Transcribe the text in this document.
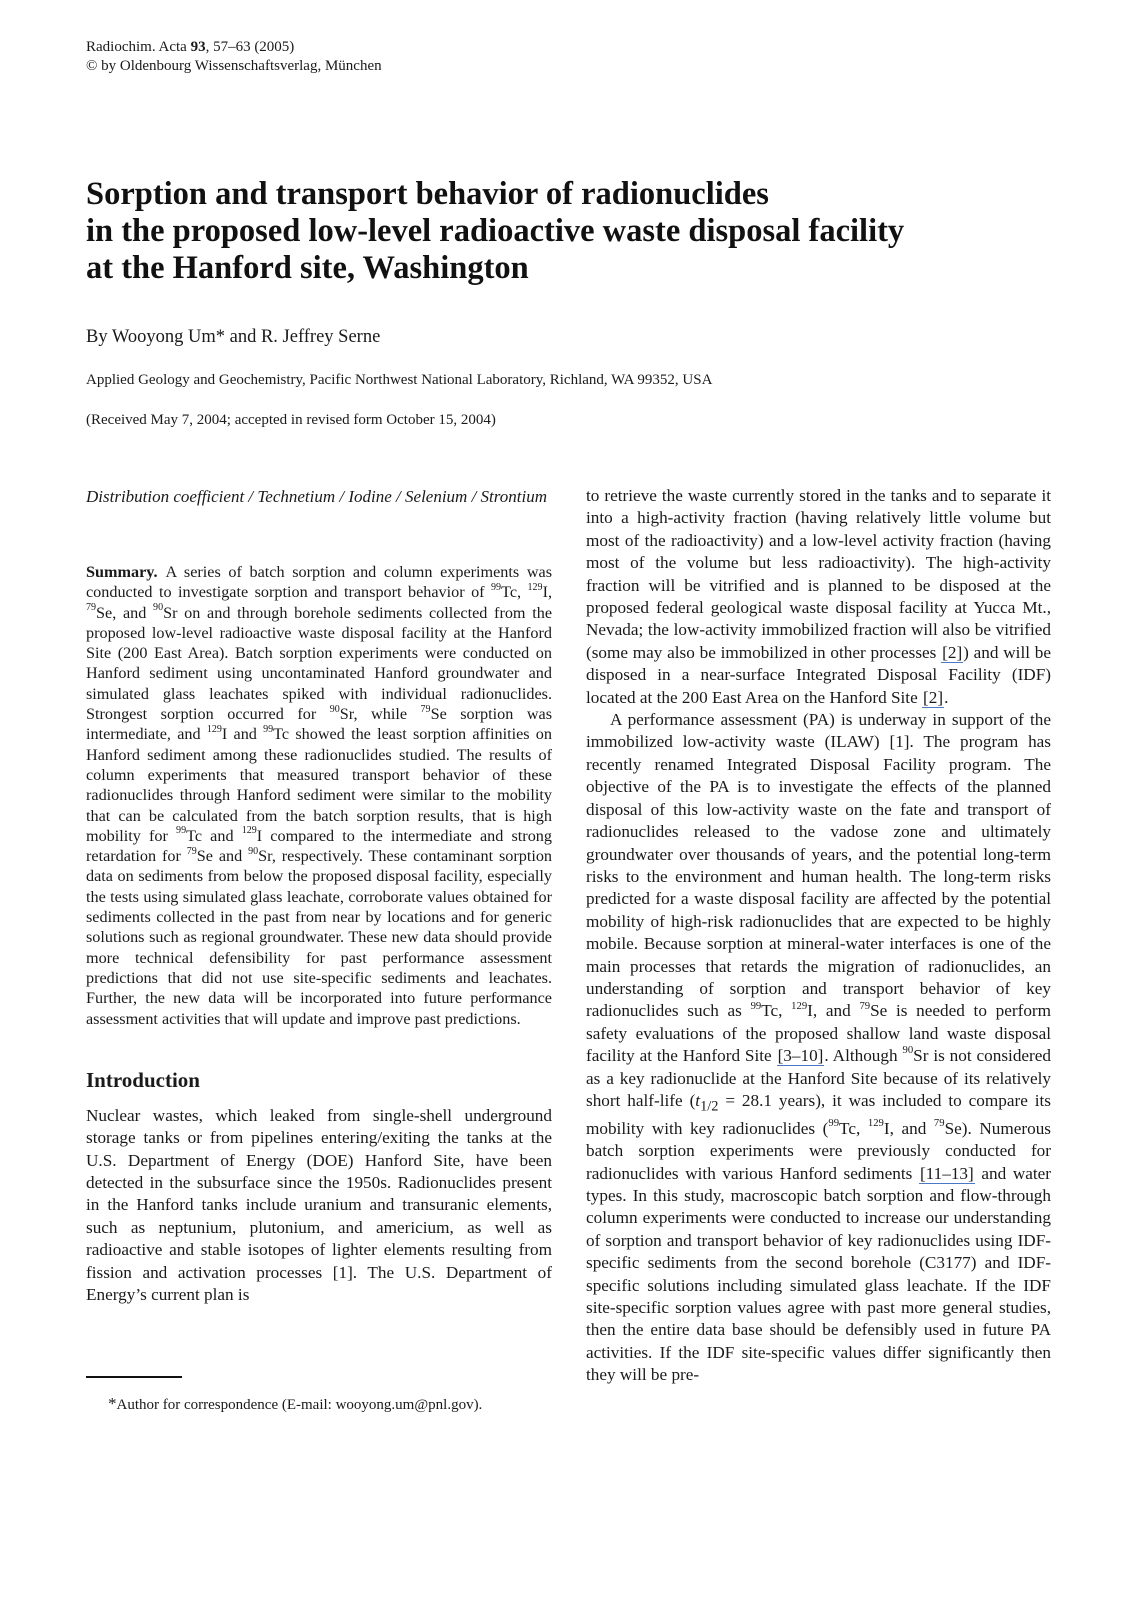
Radiochim. Acta 93, 57–63 (2005)
© by Oldenbourg Wissenschaftsverlag, München
Sorption and transport behavior of radionuclides
in the proposed low-level radioactive waste disposal facility
at the Hanford site, Washington
By Wooyong Um* and R. Jeffrey Serne
Applied Geology and Geochemistry, Pacific Northwest National Laboratory, Richland, WA 99352, USA
(Received May 7, 2004; accepted in revised form October 15, 2004)

Distribution coefficient / Technetium / Iodine / Selenium / Strontium

Summary. A series of batch sorption and column experiments was conducted to investigate sorption and transport behavior of $^{99}$Tc, $^{129}$I, $^{79}$Se, and $^{90}$Sr on and through borehole sediments collected from the proposed low-level radioactive waste disposal facility at the Hanford Site (200 East Area). Batch sorption experiments were conducted on Hanford sediment using uncontaminated Hanford groundwater and simulated glass leachates spiked with individual radionuclides. Strongest sorption occurred for $^{90}$Sr, while $^{79}$Se sorption was intermediate, and $^{129}$I and $^{99}$Tc showed the least sorption affinities on Hanford sediment among these radionuclides studied. The results of column experiments that measured transport behavior of these radionuclides through Hanford sediment were similar to the mobility that can be calculated from the batch sorption results, that is high mobility for $^{99}$Tc and $^{129}$I compared to the intermediate and strong retardation for $^{79}$Se and $^{90}$Sr, respectively. These contaminant sorption data on sediments from below the proposed disposal facility, especially the tests using simulated glass leachate, corroborate values obtained for sediments collected in the past from near by locations and for generic solutions such as regional groundwater. These new data should provide more technical defensibility for past performance assessment predictions that did not use site-specific sediments and leachates. Further, the new data will be incorporated into future performance assessment activities that will update and improve past predictions.

Introduction

Nuclear wastes, which leaked from single-shell underground storage tanks or from pipelines entering/exiting the tanks at the U.S. Department of Energy (DOE) Hanford Site, have been detected in the subsurface since the 1950s. Radionuclides present in the Hanford tanks include uranium and transuranic elements, such as neptunium, plutonium, and americium, as well as radioactive and stable isotopes of lighter elements resulting from fission and activation processes [1]. The U.S. Department of Energy’s current plan is

to retrieve the waste currently stored in the tanks and to separate it into a high-activity fraction (having relatively little volume but most of the radioactivity) and a low-level activity fraction (having most of the volume but less radioactivity). The high-activity fraction will be vitrified and is planned to be disposed at the proposed federal geological waste disposal facility at Yucca Mt., Nevada; the low-activity immobilized fraction will also be vitrified (some may also be immobilized in other processes [2]) and will be disposed in a near-surface Integrated Disposal Facility (IDF) located at the 200 East Area on the Hanford Site [2].

A performance assessment (PA) is underway in support of the immobilized low-activity waste (ILAW) [1]. The program has recently renamed Integrated Disposal Facility program. The objective of the PA is to investigate the effects of the planned disposal of this low-activity waste on the fate and transport of radionuclides released to the vadose zone and ultimately groundwater over thousands of years, and the potential long-term risks to the environment and human health. The long-term risks predicted for a waste disposal facility are affected by the potential mobility of high-risk radionuclides that are expected to be highly mobile. Because sorption at mineral-water interfaces is one of the main processes that retards the migration of radionuclides, an understanding of sorption and transport behavior of key radionuclides such as $^{99}$Tc, $^{129}$I, and $^{79}$Se is needed to perform safety evaluations of the proposed shallow land waste disposal facility at the Hanford Site [3–10]. Although $^{90}$Sr is not considered as a key radionuclide at the Hanford Site because of its relatively short half-life ($t_{1/2} = 28.1$ years), it was included to compare its mobility with key radionuclides ($^{99}$Tc, $^{129}$I, and $^{79}$Se). Numerous batch sorption experiments were previously conducted for radionuclides with various Hanford sediments [11–13] and water types. In this study, macroscopic batch sorption and flow-through column experiments were conducted to increase our understanding of sorption and transport behavior of key radionuclides using IDF-specific sediments from the second borehole (C3177) and IDF-specific solutions including simulated glass leachate. If the IDF site-specific sorption values agree with past more general studies, then the entire data base should be defensibly used in future PA activities. If the IDF site-specific values differ significantly then they will be pre-

*Author for correspondence (E-mail: wooyong.um@pnl.gov).
